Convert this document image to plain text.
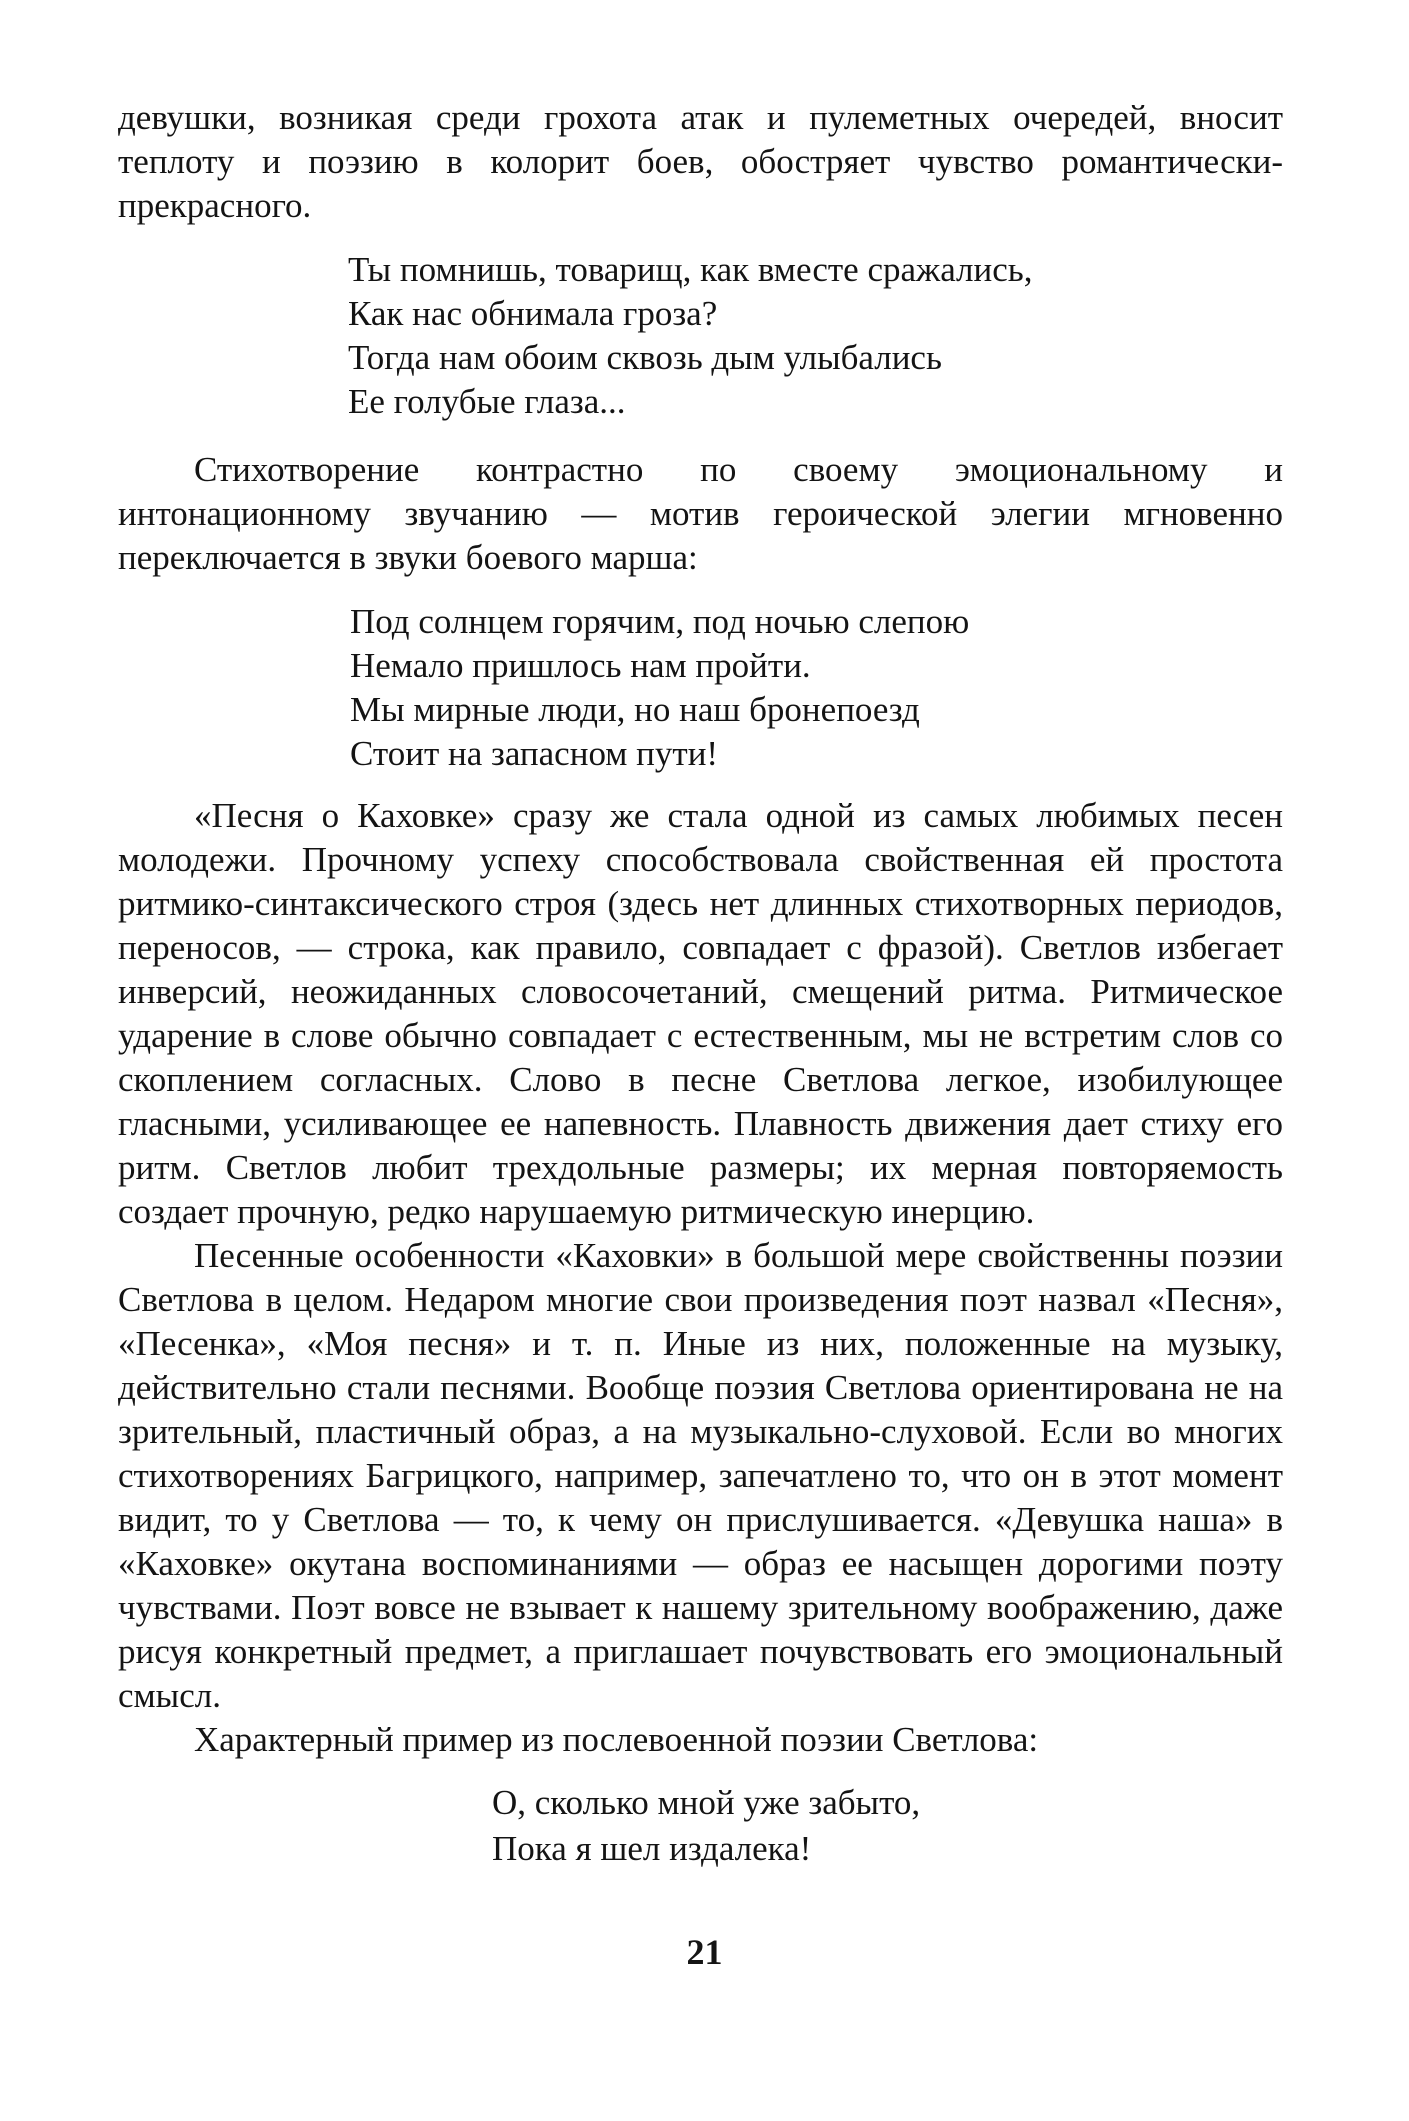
девушки, возникая среди грохота атак и пулеметных очередей, вносит теплоту и поэзию в колорит боев, обостряет чувство романтически-прекрасного.

Ты помнишь, товарищ, как вместе сражались,
Как нас обнимала гроза?
Тогда нам обоим сквозь дым улыбались
Ее голубые глаза...

Стихотворение контрастно по своему эмоциональному и интонационному звучанию — мотив героической элегии мгновенно переключается в звуки боевого марша:

Под солнцем горячим, под ночью слепою
Немало пришлось нам пройти.
Мы мирные люди, но наш бронепоезд
Стоит на запасном пути!

«Песня о Каховке» сразу же стала одной из самых любимых песен молодежи. Прочному успеху способствовала свойственная ей простота ритмико-синтаксического строя (здесь нет длинных стихотворных периодов, переносов, — строка, как правило, совпадает с фразой). Светлов избегает инверсий, неожиданных словосочетаний, смещений ритма. Ритмическое ударение в слове обычно совпадает с естественным, мы не встретим слов со скоплением согласных. Слово в песне Светлова легкое, изобилующее гласными, усиливающее ее напевность. Плавность движения дает стиху его ритм. Светлов любит трехдольные размеры; их мерная повторяемость создает прочную, редко нарушаемую ритмическую инерцию.

Песенные особенности «Каховки» в большой мере свойственны поэзии Светлова в целом. Недаром многие свои произведения поэт назвал «Песня», «Песенка», «Моя песня» и т. п. Иные из них, положенные на музыку, действительно стали песнями. Вообще поэзия Светлова ориентирована не на зрительный, пластичный образ, а на музыкально-слуховой. Если во многих стихотворениях Багрицкого, например, запечатлено то, что он в этот момент видит, то у Светлова — то, к чему он прислушивается. «Девушка наша» в «Каховке» окутана воспоминаниями — образ ее насыщен дорогими поэту чувствами. Поэт вовсе не взывает к нашему зрительному воображению, даже рисуя конкретный предмет, а приглашает почувствовать его эмоциональный смысл.

Характерный пример из послевоенной поэзии Светлова:

О, сколько мной уже забыто,
Пока я шел издалека!
21
